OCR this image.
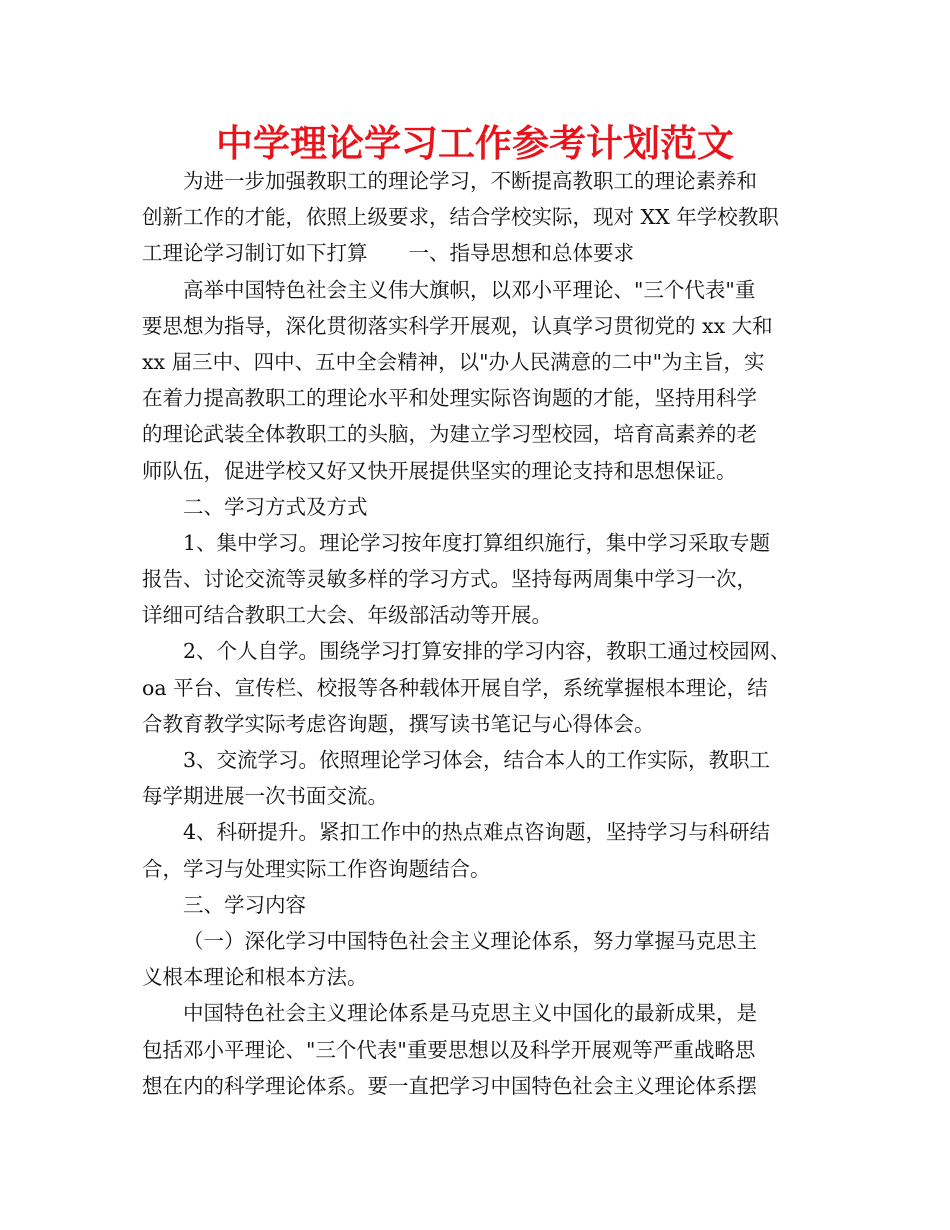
中学理论学习工作参考计划范文
为进一步加强教职工的理论学习，不断提高教职工的理论素养和
创新工作的才能，依照上级要求，结合学校实际，现对 XX 年学校教职
工理论学习制订如下打算　　一、指导思想和总体要求
高举中国特色社会主义伟大旗帜，以邓小平理论、"三个代表"重
要思想为指导，深化贯彻落实科学开展观，认真学习贯彻党的 xx 大和
xx 届三中、四中、五中全会精神，以"办人民满意的二中"为主旨，实
在着力提高教职工的理论水平和处理实际咨询题的才能，坚持用科学
的理论武装全体教职工的头脑，为建立学习型校园，培育高素养的老
师队伍，促进学校又好又快开展提供坚实的理论支持和思想保证。
二、学习方式及方式
1、集中学习。理论学习按年度打算组织施行，集中学习采取专题
报告、讨论交流等灵敏多样的学习方式。坚持每两周集中学习一次，
详细可结合教职工大会、年级部活动等开展。
2、个人自学。围绕学习打算安排的学习内容，教职工通过校园网、
oa 平台、宣传栏、校报等各种载体开展自学，系统掌握根本理论，结
合教育教学实际考虑咨询题，撰写读书笔记与心得体会。
3、交流学习。依照理论学习体会，结合本人的工作实际，教职工
每学期进展一次书面交流。
4、科研提升。紧扣工作中的热点难点咨询题，坚持学习与科研结
合，学习与处理实际工作咨询题结合。
三、学习内容
（一）深化学习中国特色社会主义理论体系，努力掌握马克思主
义根本理论和根本方法。
中国特色社会主义理论体系是马克思主义中国化的最新成果，是
包括邓小平理论、"三个代表"重要思想以及科学开展观等严重战略思
想在内的科学理论体系。要一直把学习中国特色社会主义理论体系摆
